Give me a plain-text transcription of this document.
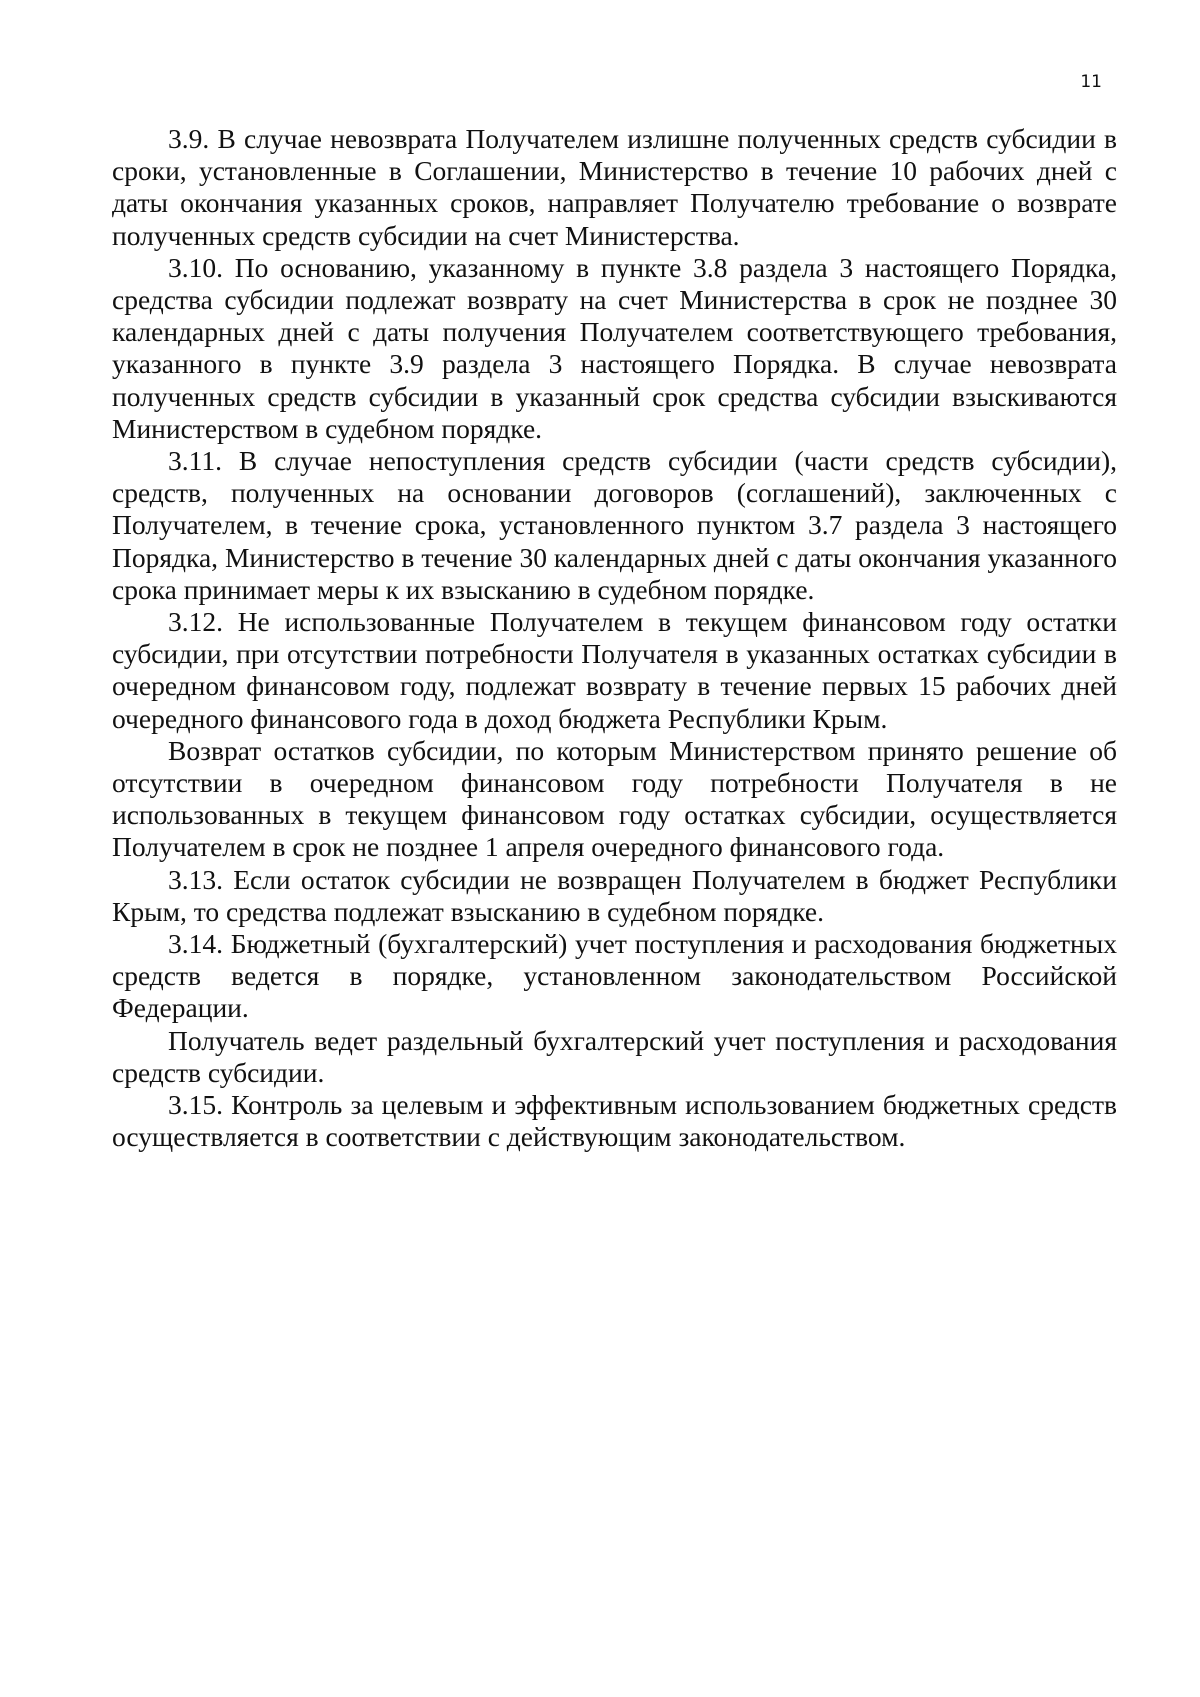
11

3.9. В случае невозврата Получателем излишне полученных средств субсидии в сроки, установленные в Соглашении, Министерство в течение 10 рабочих дней с даты окончания указанных сроков, направляет Получателю требование о возврате полученных средств субсидии на счет Министерства.

3.10. По основанию, указанному в пункте 3.8 раздела 3 настоящего Порядка, средства субсидии подлежат возврату на счет Министерства в срок не позднее 30 календарных дней с даты получения Получателем соответствующего требования, указанного в пункте 3.9 раздела 3 настоящего Порядка. В случае невозврата полученных средств субсидии в указанный срок средства субсидии взыскиваются Министерством в судебном порядке.

3.11. В случае непоступления средств субсидии (части средств субсидии), средств, полученных на основании договоров (соглашений), заключенных с Получателем, в течение срока, установленного пунктом 3.7 раздела 3 настоящего Порядка, Министерство в течение 30 календарных дней с даты окончания указанного срока принимает меры к их взысканию в судебном порядке.

3.12. Не использованные Получателем в текущем финансовом году остатки субсидии, при отсутствии потребности Получателя в указанных остатках субсидии в очередном финансовом году, подлежат возврату в течение первых 15 рабочих дней очередного финансового года в доход бюджета Республики Крым.

Возврат остатков субсидии, по которым Министерством принято решение об отсутствии в очередном финансовом году потребности Получателя в не использованных в текущем финансовом году остатках субсидии, осуществляется Получателем в срок не позднее 1 апреля очередного финансового года.

3.13. Если остаток субсидии не возвращен Получателем в бюджет Республики Крым, то средства подлежат взысканию в судебном порядке.

3.14. Бюджетный (бухгалтерский) учет поступления и расходования бюджетных средств ведется в порядке, установленном законодательством Российской Федерации.

Получатель ведет раздельный бухгалтерский учет поступления и расходования средств субсидии.

3.15. Контроль за целевым и эффективным использованием бюджетных средств осуществляется в соответствии с действующим законодательством.
